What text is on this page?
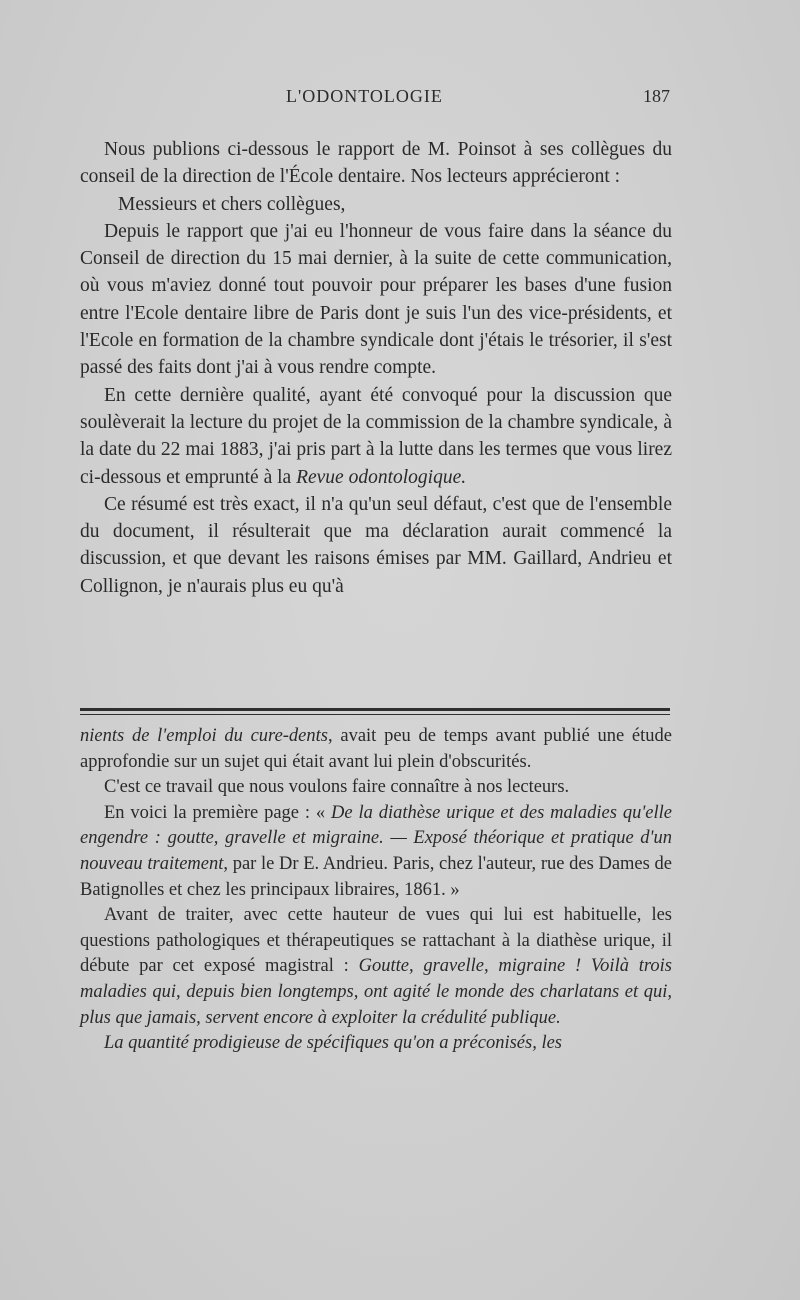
L'ODONTOLOGIE	187

Nous publions ci-dessous le rapport de M. Poinsot à ses collègues du conseil de la direction de l'École dentaire. Nos lecteurs apprécieront :

Messieurs et chers collègues,

Depuis le rapport que j'ai eu l'honneur de vous faire dans la séance du Conseil de direction du 15 mai dernier, à la suite de cette communication, où vous m'aviez donné tout pouvoir pour préparer les bases d'une fusion entre l'Ecole dentaire libre de Paris dont je suis l'un des vice-présidents, et l'Ecole en formation de la chambre syndicale dont j'étais le trésorier, il s'est passé des faits dont j'ai à vous rendre compte.

En cette dernière qualité, ayant été convoqué pour la discussion que soulèverait la lecture du projet de la commission de la chambre syndicale, à la date du 22 mai 1883, j'ai pris part à la lutte dans les termes que vous lirez ci-dessous et emprunté à la Revue odontologique.

Ce résumé est très exact, il n'a qu'un seul défaut, c'est que de l'ensemble du document, il résulterait que ma déclaration aurait commencé la discussion, et que devant les raisons émises par MM. Gaillard, Andrieu et Collignon, je n'aurais plus eu qu'à

nients de l'emploi du cure-dents, avait peu de temps avant publié une étude approfondie sur un sujet qui était avant lui plein d'obscurités.

C'est ce travail que nous voulons faire connaître à nos lecteurs.

En voici la première page : « De la diathèse urique et des maladies qu'elle engendre : goutte, gravelle et migraine. — Exposé théorique et pratique d'un nouveau traitement, par le Dr E. Andrieu. Paris, chez l'auteur, rue des Dames de Batignolles et chez les principaux libraires, 1861. »

Avant de traiter, avec cette hauteur de vues qui lui est habituelle, les questions pathologiques et thérapeutiques se rattachant à la diathèse urique, il débute par cet exposé magistral : Goutte, gravelle, migraine ! Voilà trois maladies qui, depuis bien longtemps, ont agité le monde des charlatans et qui, plus que jamais, servent encore à exploiter la crédulité publique.

La quantité prodigieuse de spécifiques qu'on a préconisés, les
